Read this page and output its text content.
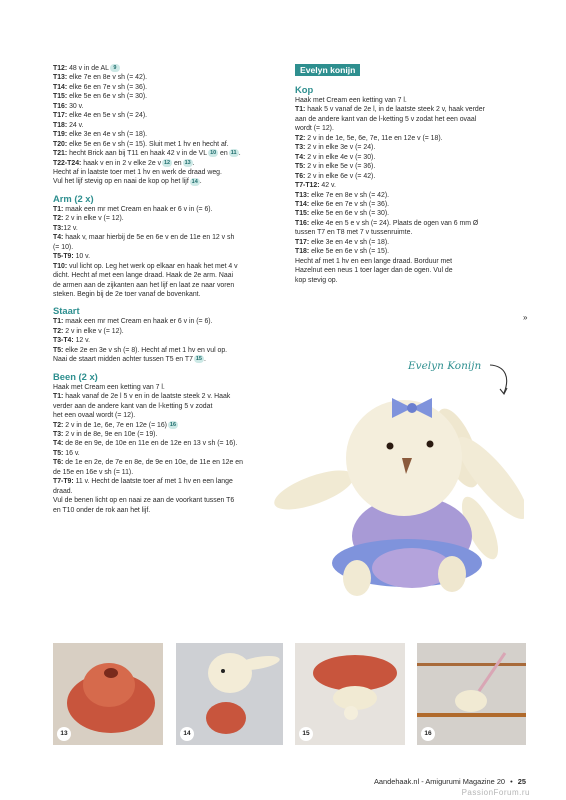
T12: 48 v in de AL 9
T13: elke 7e en 8e v sh (= 42).
T14: elke 6e en 7e v sh (= 36).
T15: elke 5e en 6e v sh (= 30).
T16: 30 v.
T17: elke 4e en 5e v sh (= 24).
T18: 24 v.
T19: elke 3e en 4e v sh (= 18).
T20: elke 5e en 6e v sh (= 15). Sluit met 1 hv en hecht af.
T21: hecht Brick aan bij T11 en haak 42 v in de VL 10 en 11 .
T22-T24: haak v en in 2 v elke 2e v 12 en 13 .
Hecht af in laatste toer met 1 hv en werk de draad weg.
Vul het lijf stevig op en naai de kop op het lijf 14 .
Arm (2 x)
T1: maak een mr met Cream en haak er 6 v in (= 6).
T2: 2 v in elke v (= 12).
T3:12 v.
T4: haak v, maar hierbij de 5e en 6e v en de 11e en 12 v sh
(= 10).
T5-T9: 10 v.
T10: vul licht op. Leg het werk op elkaar en haak het met 4 v
dicht. Hecht af met een lange draad. Haak de 2e arm. Naai
de armen aan de zijkanten aan het lijf en laat ze naar voren
steken. Begin bij de 2e toer vanaf de bovenkant.
Staart
T1: maak een mr met Cream en haak er 6 v in (= 6).
T2: 2 v in elke v (= 12).
T3-T4: 12 v.
T5: elke 2e en 3e v sh (= 8). Hecht af met 1 hv en vul op.
Naai de staart midden achter tussen T5 en T7 15 .
Been (2 x)
Haak met Cream een ketting van 7 l.
T1: haak vanaf de 2e l 5 v en in de laatste steek 2 v. Haak
verder aan de andere kant van de l-ketting 5 v zodat
het een ovaal wordt (= 12).
T2: 2 v in de 1e, 6e, 7e en 12e (= 16) 16
T3: 2 v in de 8e, 9e en 10e (= 19).
T4: de 8e en 9e, de 10e en 11e en de 12e en 13 v sh (= 16).
T5: 16 v.
T6: de 1e en 2e, de 7e en 8e, de 9e en 10e, de 11e en 12e en
de 15e en 16e v sh (= 11).
T7-T9: 11 v. Hecht de laatste toer af met 1 hv en een lange
draad.
Vul de benen licht op en naai ze aan de voorkant tussen T6
en T10 onder de rok aan het lijf.
Evelyn konijn
Kop
Haak met Cream een ketting van 7 l.
T1: haak 5 v vanaf de 2e l, in de laatste steek 2 v, haak verder
aan de andere kant van de l-ketting 5 v zodat het een ovaal
wordt (= 12).
T2: 2 v in de 1e, 5e, 6e, 7e, 11e en 12e v (= 18).
T3: 2 v in elke 3e v (= 24).
T4: 2 v in elke 4e v (= 30).
T5: 2 v in elke 5e v (= 36).
T6: 2 v in elke 6e v (= 42).
T7-T12: 42 v.
T13: elke 7e en 8e v sh (= 42).
T14: elke 6e en 7e v sh (= 36).
T15: elke 5e en 6e v sh (= 30).
T16: elke 4e en 5 e v sh (= 24). Plaats de ogen van 6 mm Ø
tussen T7 en T8 met 7 v tussenruimte.
T17: elke 3e en 4e v sh (= 18).
T18: elke 5e en 6e v sh (= 15).
Hecht af met 1 hv en een lange draad. Borduur met
Hazelnut een neus 1 toer lager dan de ogen. Vul de
kop stevig op.
»
Evelyn Konijn
13	14	15	16
Aandehaak.nl - Amigurumi Magazine 20 • 25
PassionForum.ru
